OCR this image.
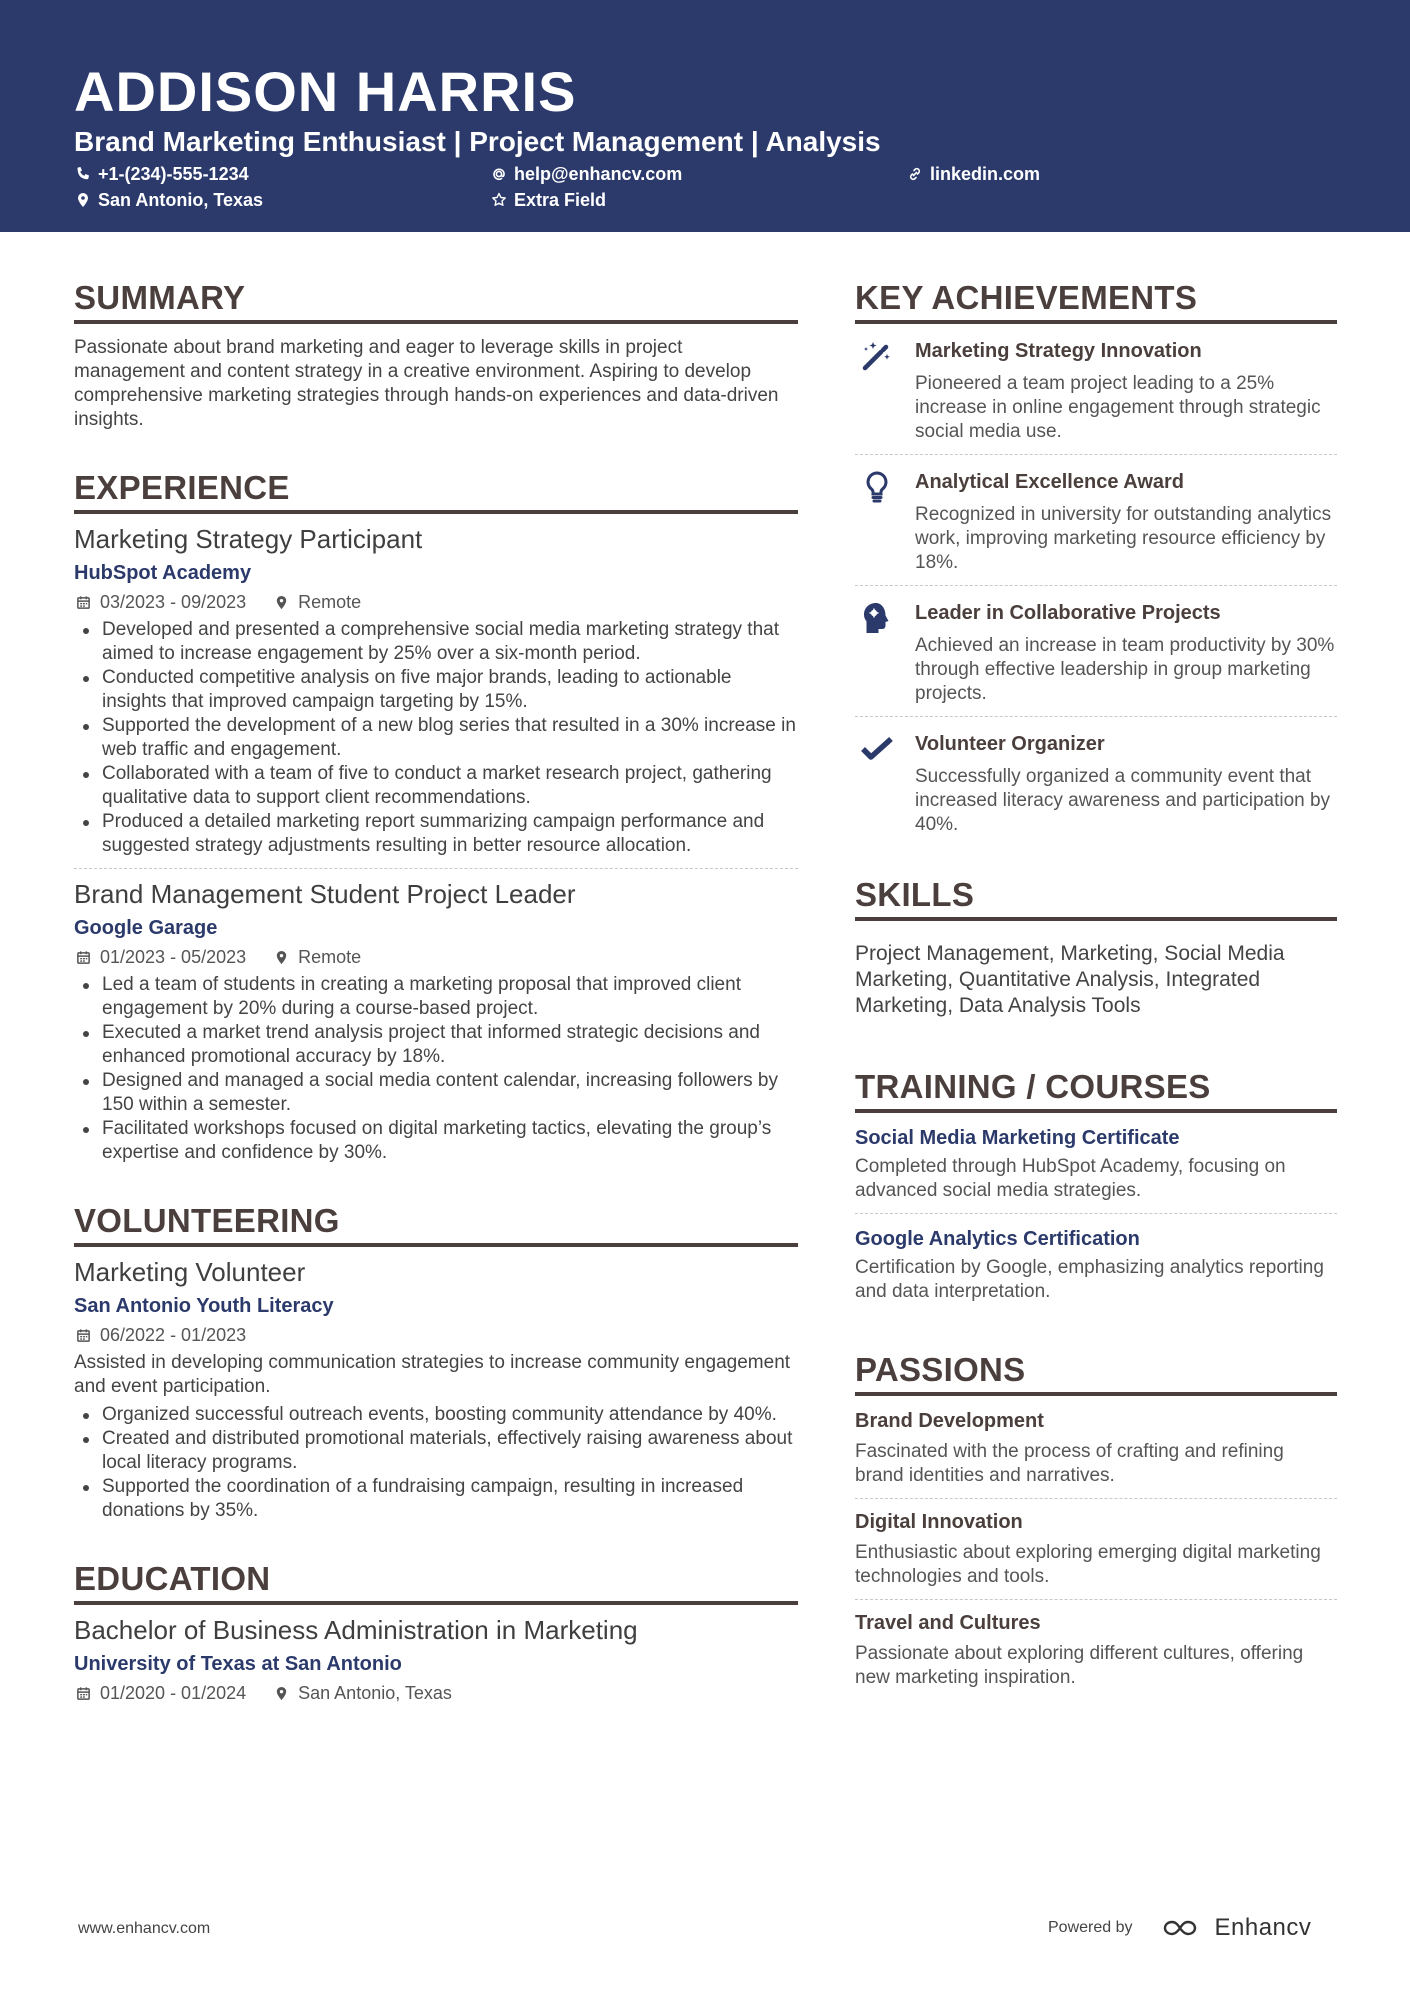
ADDISON HARRIS
Brand Marketing Enthusiast | Project Management | Analysis
+1-(234)-555-1234	help@enhancv.com	linkedin.com
San Antonio, Texas	Extra Field
SUMMARY
Passionate about brand marketing and eager to leverage skills in project management and content strategy in a creative environment. Aspiring to develop comprehensive marketing strategies through hands-on experiences and data-driven insights.
EXPERIENCE
Marketing Strategy Participant
HubSpot Academy
03/2023 - 09/2023	Remote
Developed and presented a comprehensive social media marketing strategy that aimed to increase engagement by 25% over a six-month period.
Conducted competitive analysis on five major brands, leading to actionable insights that improved campaign targeting by 15%.
Supported the development of a new blog series that resulted in a 30% increase in web traffic and engagement.
Collaborated with a team of five to conduct a market research project, gathering qualitative data to support client recommendations.
Produced a detailed marketing report summarizing campaign performance and suggested strategy adjustments resulting in better resource allocation.
Brand Management Student Project Leader
Google Garage
01/2023 - 05/2023	Remote
Led a team of students in creating a marketing proposal that improved client engagement by 20% during a course-based project.
Executed a market trend analysis project that informed strategic decisions and enhanced promotional accuracy by 18%.
Designed and managed a social media content calendar, increasing followers by 150 within a semester.
Facilitated workshops focused on digital marketing tactics, elevating the group’s expertise and confidence by 30%.
VOLUNTEERING
Marketing Volunteer
San Antonio Youth Literacy
06/2022 - 01/2023
Assisted in developing communication strategies to increase community engagement and event participation.
Organized successful outreach events, boosting community attendance by 40%.
Created and distributed promotional materials, effectively raising awareness about local literacy programs.
Supported the coordination of a fundraising campaign, resulting in increased donations by 35%.
EDUCATION
Bachelor of Business Administration in Marketing
University of Texas at San Antonio
01/2020 - 01/2024	San Antonio, Texas
KEY ACHIEVEMENTS
Marketing Strategy Innovation
Pioneered a team project leading to a 25% increase in online engagement through strategic social media use.
Analytical Excellence Award
Recognized in university for outstanding analytics work, improving marketing resource efficiency by 18%.
Leader in Collaborative Projects
Achieved an increase in team productivity by 30% through effective leadership in group marketing projects.
Volunteer Organizer
Successfully organized a community event that increased literacy awareness and participation by 40%.
SKILLS
Project Management, Marketing, Social Media Marketing, Quantitative Analysis, Integrated Marketing, Data Analysis Tools
TRAINING / COURSES
Social Media Marketing Certificate
Completed through HubSpot Academy, focusing on advanced social media strategies.
Google Analytics Certification
Certification by Google, emphasizing analytics reporting and data interpretation.
PASSIONS
Brand Development
Fascinated with the process of crafting and refining brand identities and narratives.
Digital Innovation
Enthusiastic about exploring emerging digital marketing technologies and tools.
Travel and Cultures
Passionate about exploring different cultures, offering new marketing inspiration.
www.enhancv.com	Powered by	Enhancv
